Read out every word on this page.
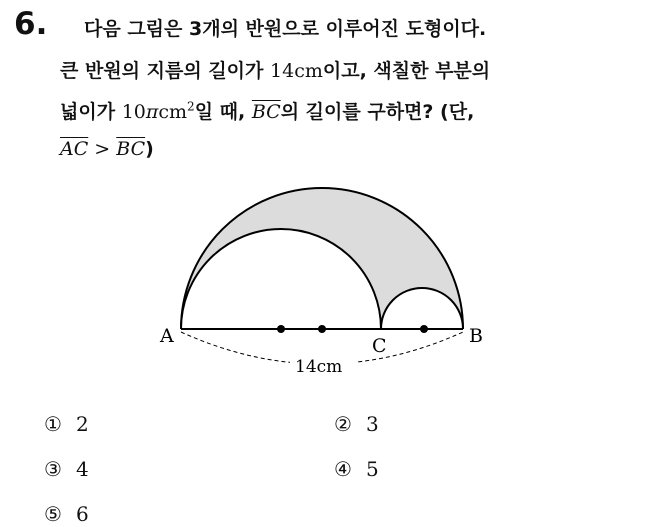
6. 다음 그림은 3개의 반원으로 이루어진 도형이다.
큰 반원의 지름의 길이가 14cm이고, 색칠한 부분의
넓이가 10πcm$^2$일 때, $\overline{BC}$의 길이를 구하면? (단,
$\overline{AC} > \overline{BC}$)
A	B
C
14cm
① 2	② 3
③ 4	④ 5
⑤ 6
